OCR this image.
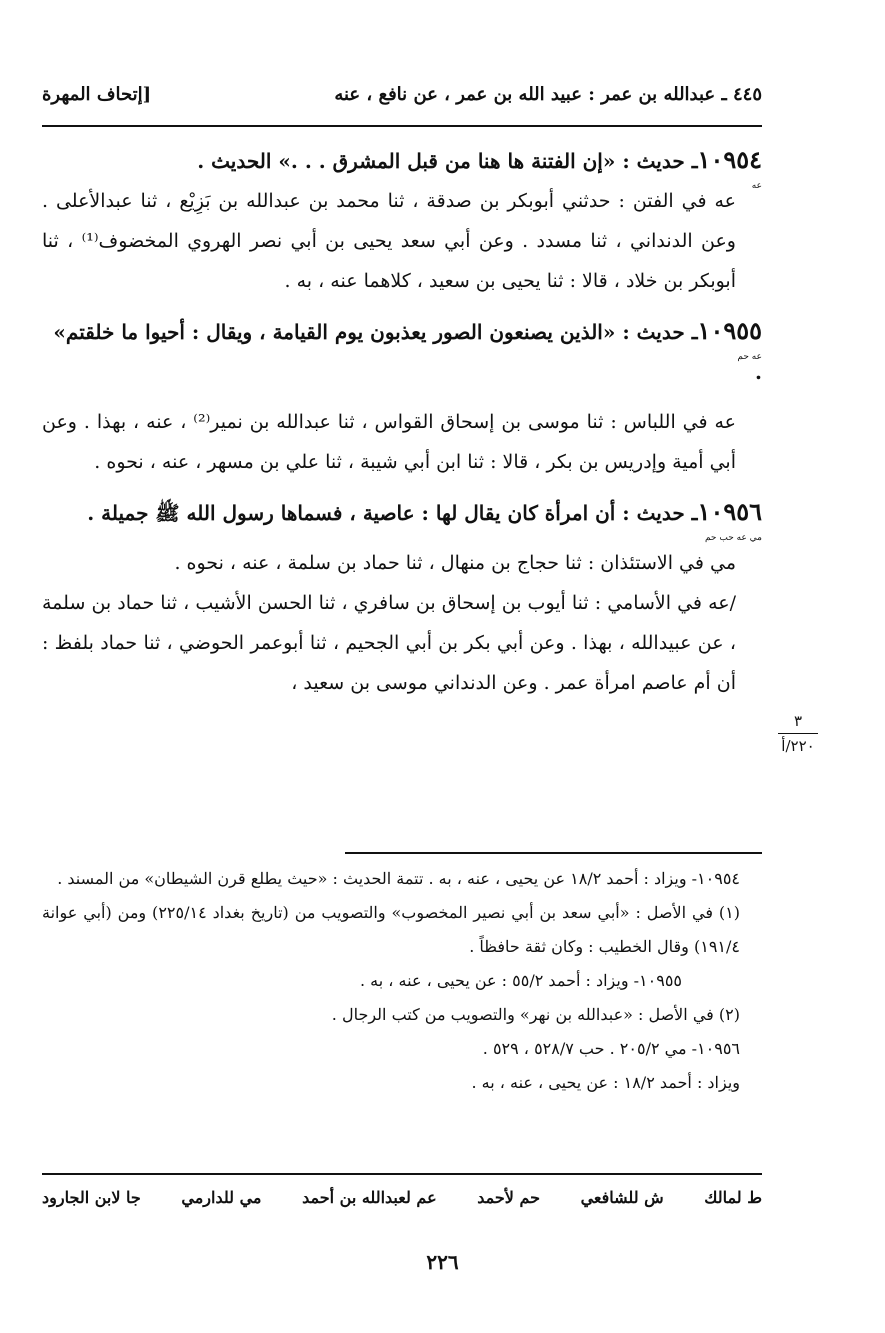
٤٤٥ ـ عبدالله بن عمر : عبيد الله بن عمر ، عن نافع ، عنه
[إتحاف المهرة

١٠٩٥٤ـ حديث : «إن الفتنة ها هنا من قبل المشرق . . .» الحديث .
عه

عه في الفتن : حدثني أبوبكر بن صدقة ، ثنا محمد بن عبدالله بن بَزِيْع ، ثنا عبدالأعلى . وعن الدنداني ، ثنا مسدد . وعن أبي سعد يحيى بن أبي نصر الهروي المخضوف⁽¹⁾ ، ثنا أبوبكر بن خلاد ، قالا : ثنا يحيى بن سعيد ، كلاهما عنه ، به .

١٠٩٥٥ـ حديث : «الذين يصنعون الصور يعذبون يوم القيامة ، ويقال : أحيوا ما خلقتم» .
عه حم

عه في اللباس : ثنا موسى بن إسحاق القواس ، ثنا عبدالله بن نمير⁽²⁾ ، عنه ، بهذا . وعن أبي أمية وإدريس بن بكر ، قالا : ثنا ابن أبي شيبة ، ثنا علي بن مسهر ، عنه ، نحوه .

١٠٩٥٦ـ حديث : أن امرأة كان يقال لها : عاصية ، فسماها رسول الله ﷺ جميلة .
مي عه حب حم

مي في الاستئذان : ثنا حجاج بن منهال ، ثنا حماد بن سلمة ، عنه ، نحوه .

/عه في الأسامي : ثنا أيوب بن إسحاق بن سافري ، ثنا الحسن الأشيب ، ثنا حماد بن سلمة ، عن عبيدالله ، بهذا . وعن أبي بكر بن أبي الجحيم ، ثنا أبوعمر الحوضي ، ثنا حماد بلفظ : أن أم عاصم امرأة عمر . وعن الدنداني موسى بن سعيد ،

٣
٢٢٠/أ

١٠٩٥٤- ويزاد : أحمد ١٨/٢ عن يحيى ، عنه ، به . تتمة الحديث : «حيث يطلع قرن الشيطان» من المسند .

(١) في الأصل : «أبي سعد بن أبي نصير المخصوب» والتصويب من (تاريخ بغداد ٢٢٥/١٤) ومن (أبي عوانة ١٩١/٤) وقال الخطيب : وكان ثقة حافظاً .

١٠٩٥٥- ويزاد : أحمد ٥٥/٢ : عن يحيى ، عنه ، به .

(٢) في الأصل : «عبدالله بن نهر» والتصويب من كتب الرجال .

١٠٩٥٦- مي ٢٠٥/٢ . حب ٥٢٨/٧ ، ٥٢٩ .

ويزاد : أحمد ١٨/٢ : عن يحيى ، عنه ، به .

ط لمالك
ش للشافعي
حم لأحمد
عم لعبدالله بن أحمد
مي للدارمي
جا لابن الجارود
٢٢٦
